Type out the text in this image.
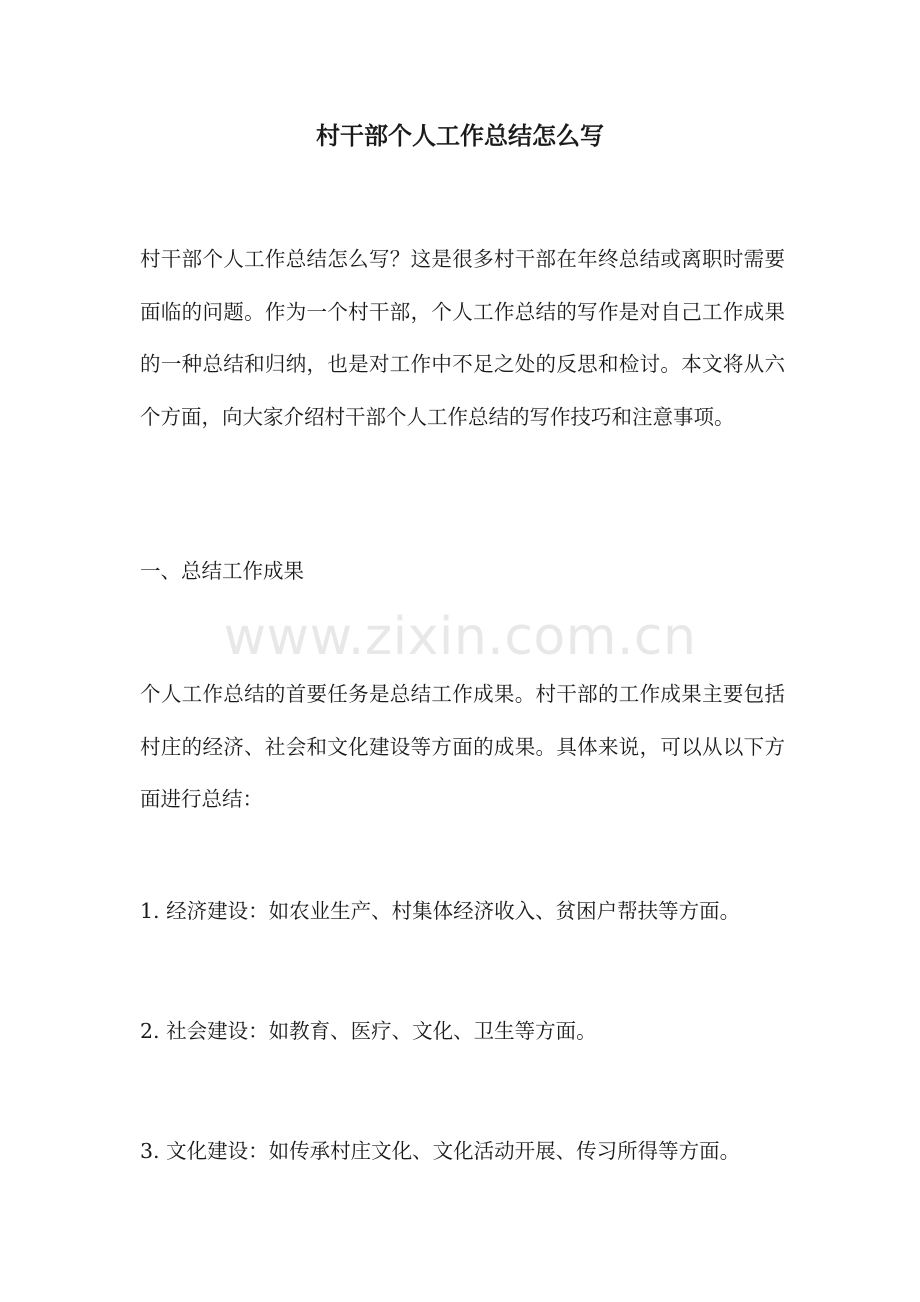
村干部个人工作总结怎么写
村干部个人工作总结怎么写？这是很多村干部在年终总结或离职时需要面临的问题。作为一个村干部，个人工作总结的写作是对自己工作成果的一种总结和归纳，也是对工作中不足之处的反思和检讨。本文将从六个方面，向大家介绍村干部个人工作总结的写作技巧和注意事项。
一、总结工作成果
www.zixin.com.cn
个人工作总结的首要任务是总结工作成果。村干部的工作成果主要包括村庄的经济、社会和文化建设等方面的成果。具体来说，可以从以下方面进行总结：
1. 经济建设：如农业生产、村集体经济收入、贫困户帮扶等方面。
2. 社会建设：如教育、医疗、文化、卫生等方面。
3. 文化建设：如传承村庄文化、文化活动开展、传习所得等方面。
